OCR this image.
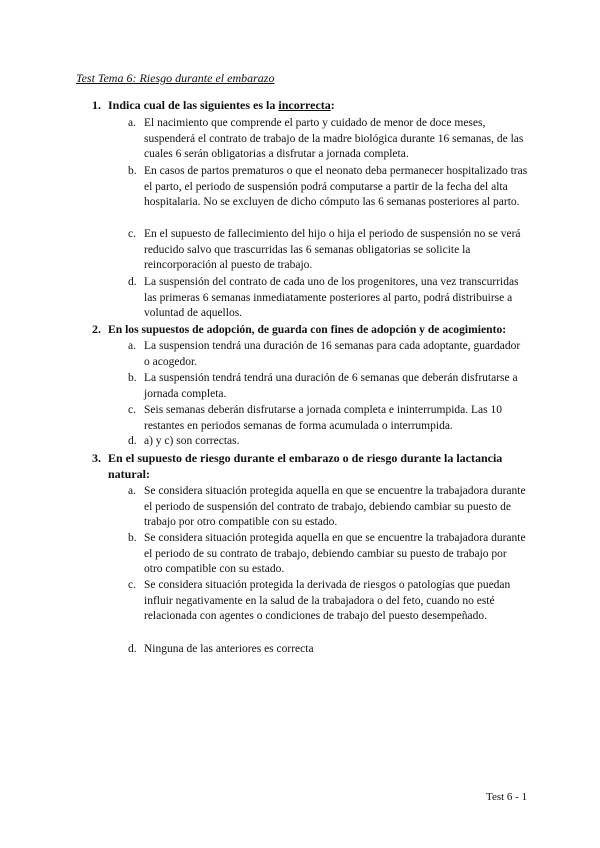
Test Tema 6: Riesgo durante el embarazo
1. Indica cual de las siguientes es la incorrecta:
a. El nacimiento que comprende el parto y cuidado de menor de doce meses, suspenderá el contrato de trabajo de la madre biológica durante 16 semanas, de las cuales 6 serán obligatorias a disfrutar a jornada completa.
b. En casos de partos prematuros o que el neonato deba permanecer hospitalizado tras el parto, el periodo de suspensión podrá computarse a partir de la fecha del alta hospitalaria. No se excluyen de dicho cómputo las 6 semanas posteriores al parto.
c. En el supuesto de fallecimiento del hijo o hija el periodo de suspensión no se verá reducido salvo que trascurridas las 6 semanas obligatorias se solicite la reincorporación al puesto de trabajo.
d. La suspensión del contrato de cada uno de los progenitores, una vez transcurridas las primeras 6 semanas inmediatamente posteriores al parto, podrá distribuirse a voluntad de aquellos.
2. En los supuestos de adopción, de guarda con fines de adopción y de acogimiento:
a. La suspension tendrá una duración de 16 semanas para cada adoptante, guardador o acogedor.
b. La suspensión tendrá tendrá una duración de 6 semanas que deberán disfrutarse a jornada completa.
c. Seis semanas deberán disfrutarse a jornada completa e ininterrumpida. Las 10 restantes en periodos semanas de forma acumulada o interrumpida.
d. a) y c) son correctas.
3. En el supuesto de riesgo durante el embarazo o de riesgo durante la lactancia natural:
a. Se considera situación protegida aquella en que se encuentre la trabajadora durante el periodo de suspensión del contrato de trabajo, debiendo cambiar su puesto de trabajo por otro compatible con su estado.
b. Se considera situación protegida aquella en que se encuentre la trabajadora durante el periodo de su contrato de trabajo, debiendo cambiar su puesto de trabajo por otro compatible con su estado.
c. Se considera situación protegida la derivada de riesgos o patologías que puedan influir negativamente en la salud de la trabajadora o del feto, cuando no esté relacionada con agentes o condiciones de trabajo del puesto desempeñado.
d. Ninguna de las anteriores es correcta
Test 6 - 1
